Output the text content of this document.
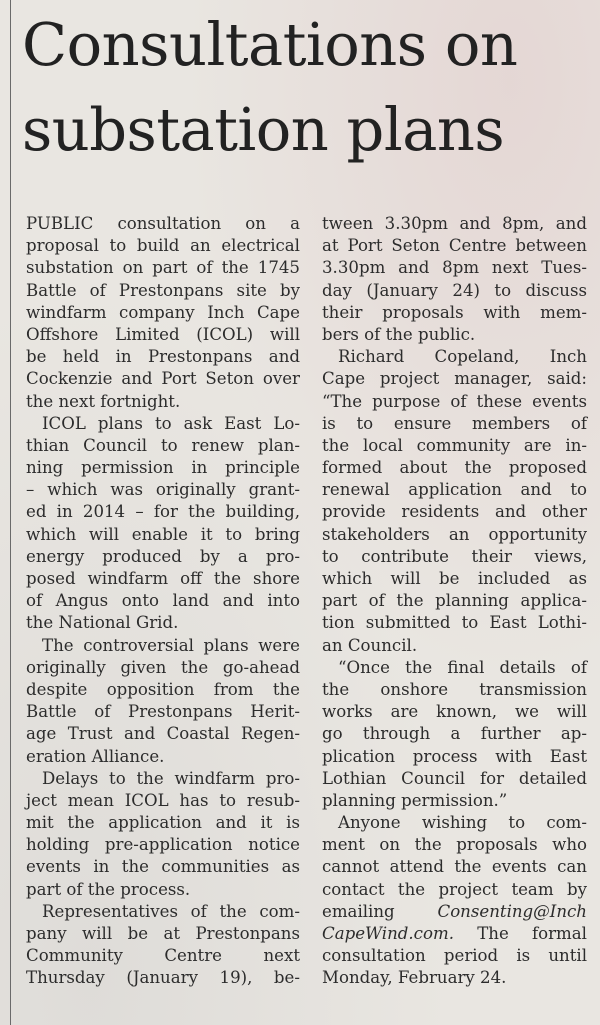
Consultations on
substation plans
PUBLIC consultation on a
proposal to build an electrical
substation on part of the 1745
Battle of Prestonpans site by
windfarm company Inch Cape
Offshore Limited (ICOL) will
be held in Prestonpans and
Cockenzie and Port Seton over
the next fortnight.
ICOL plans to ask East Lo-
thian Council to renew plan-
ning permission in principle
– which was originally grant-
ed in 2014 – for the building,
which will enable it to bring
energy produced by a pro-
posed windfarm off the shore
of Angus onto land and into
the National Grid.
The controversial plans were
originally given the go-ahead
despite opposition from the
Battle of Prestonpans Herit-
age Trust and Coastal Regen-
eration Alliance.
Delays to the windfarm pro-
ject mean ICOL has to resub-
mit the application and it is
holding pre-application notice
events in the communities as
part of the process.
Representatives of the com-
pany will be at Prestonpans
Community Centre next
Thursday (January 19), be-
tween 3.30pm and 8pm, and
at Port Seton Centre between
3.30pm and 8pm next Tues-
day (January 24) to discuss
their proposals with mem-
bers of the public.
Richard Copeland, Inch
Cape project manager, said:
“The purpose of these events
is to ensure members of
the local community are in-
formed about the proposed
renewal application and to
provide residents and other
stakeholders an opportunity
to contribute their views,
which will be included as
part of the planning applica-
tion submitted to East Lothi-
an Council.
“Once the final details of
the onshore transmission
works are known, we will
go through a further ap-
plication process with East
Lothian Council for detailed
planning permission.”
Anyone wishing to com-
ment on the proposals who
cannot attend the events can
contact the project team by
emailing	Consenting@Inch
CapeWind.com. The formal
consultation period is until
Monday, February 24.
